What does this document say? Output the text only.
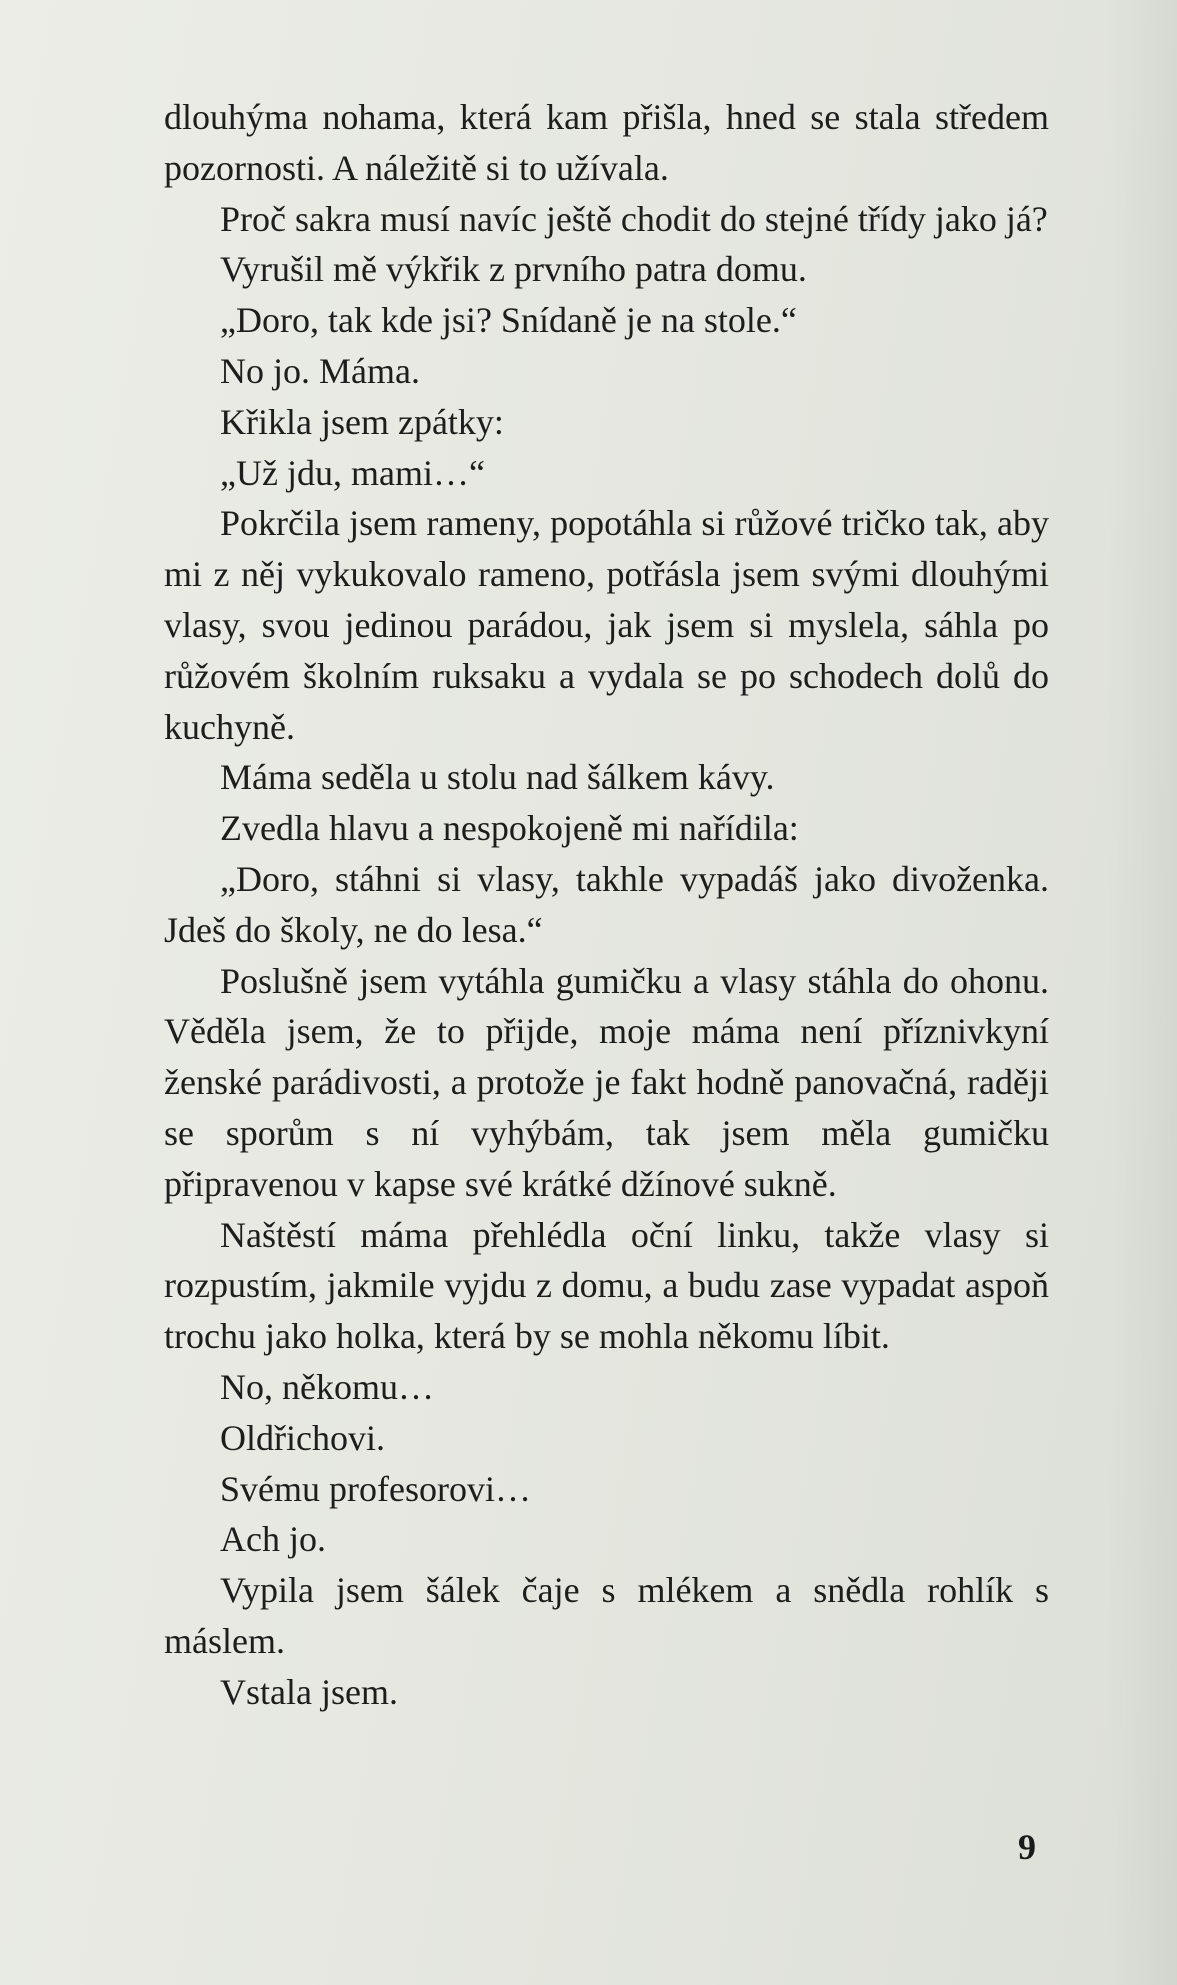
dlouhýma nohama, která kam přišla, hned se stala středem pozornosti. A náležitě si to užívala.

Proč sakra musí navíc ještě chodit do stejné třídy jako já?

Vyrušil mě výkřik z prvního patra domu.

„Doro, tak kde jsi? Snídaně je na stole.“

No jo. Máma.

Křikla jsem zpátky:

„Už jdu, mami…“

Pokrčila jsem rameny, popotáhla si růžové tričko tak, aby mi z něj vykukovalo rameno, potřásla jsem svými dlouhými vlasy, svou jedinou parádou, jak jsem si myslela, sáhla po růžovém školním ruksaku a vydala se po schodech dolů do kuchyně.

Máma seděla u stolu nad šálkem kávy.

Zvedla hlavu a nespokojeně mi nařídila:

„Doro, stáhni si vlasy, takhle vypadáš jako divoženka. Jdeš do školy, ne do lesa.“

Poslušně jsem vytáhla gumičku a vlasy stáhla do ohonu. Věděla jsem, že to přijde, moje máma není příznivkyní ženské parádivosti, a protože je fakt hodně panovačná, raději se sporům s ní vyhýbám, tak jsem měla gumičku připravenou v kapse své krátké džínové sukně.

Naštěstí máma přehlédla oční linku, takže vlasy si rozpustím, jakmile vyjdu z domu, a budu zase vypadat aspoň trochu jako holka, která by se mohla někomu líbit.

No, někomu…

Oldřichovi.

Svému profesorovi…

Ach jo.

Vypila jsem šálek čaje s mlékem a snědla rohlík s máslem.

Vstala jsem.

9
